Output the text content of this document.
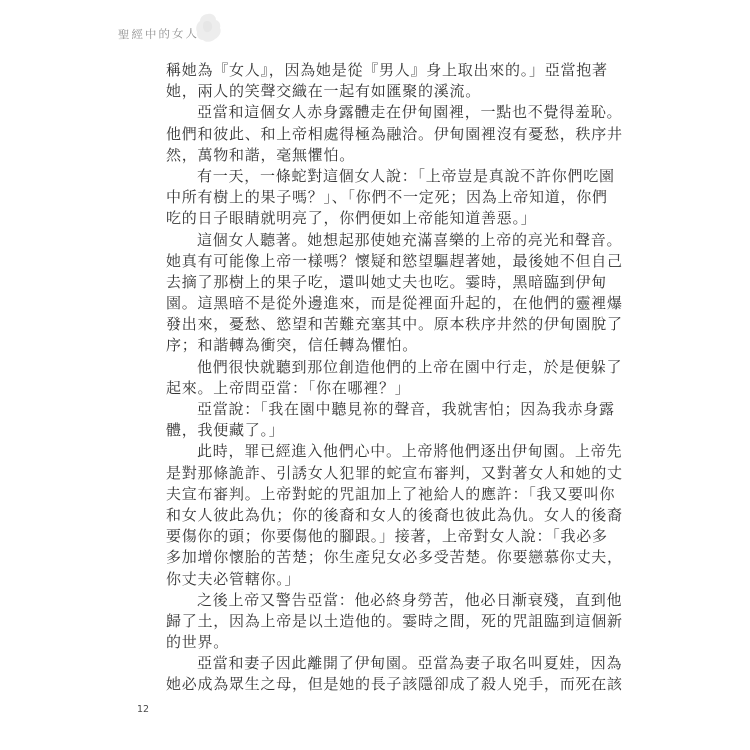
聖經中的女人
稱她為『女人』，因為她是從『男人』身上取出來的。」亞當抱著
她，兩人的笑聲交織在一起有如匯聚的溪流。
亞當和這個女人赤身露體走在伊甸園裡，一點也不覺得羞恥。
他們和彼此、和上帝相處得極為融洽。伊甸園裡沒有憂愁，秩序井
然，萬物和諧，毫無懼怕。
有一天，一條蛇對這個女人說：「上帝豈是真說不許你們吃園
中所有樹上的果子嗎？」、「你們不一定死；因為上帝知道，你們
吃的日子眼睛就明亮了，你們便如上帝能知道善惡。」
這個女人聽著。她想起那使她充滿喜樂的上帝的亮光和聲音。
她真有可能像上帝一樣嗎？懷疑和慾望驅趕著她，最後她不但自己
去摘了那樹上的果子吃，還叫她丈夫也吃。霎時，黑暗臨到伊甸
園。這黑暗不是從外邊進來，而是從裡面升起的，在他們的靈裡爆
發出來，憂愁、慾望和苦難充塞其中。原本秩序井然的伊甸園脫了
序；和諧轉為衝突，信任轉為懼怕。
他們很快就聽到那位創造他們的上帝在園中行走，於是便躲了
起來。上帝問亞當：「你在哪裡？」
亞當說：「我在園中聽見祢的聲音，我就害怕；因為我赤身露
體，我便藏了。」
此時，罪已經進入他們心中。上帝將他們逐出伊甸園。上帝先
是對那條詭詐、引誘女人犯罪的蛇宣布審判，又對著女人和她的丈
夫宣布審判。上帝對蛇的咒詛加上了祂給人的應許：「我又要叫你
和女人彼此為仇；你的後裔和女人的後裔也彼此為仇。女人的後裔
要傷你的頭；你要傷他的腳跟。」接著，上帝對女人說：「我必多
多加增你懷胎的苦楚；你生產兒女必多受苦楚。你要戀慕你丈夫，
你丈夫必管轄你。」
之後上帝又警告亞當：他必終身勞苦，他必日漸衰殘，直到他
歸了土，因為上帝是以土造他的。霎時之間，死的咒詛臨到這個新
的世界。
亞當和妻子因此離開了伊甸園。亞當為妻子取名叫夏娃，因為
她必成為眾生之母，但是她的長子該隱卻成了殺人兇手，而死在該
12
